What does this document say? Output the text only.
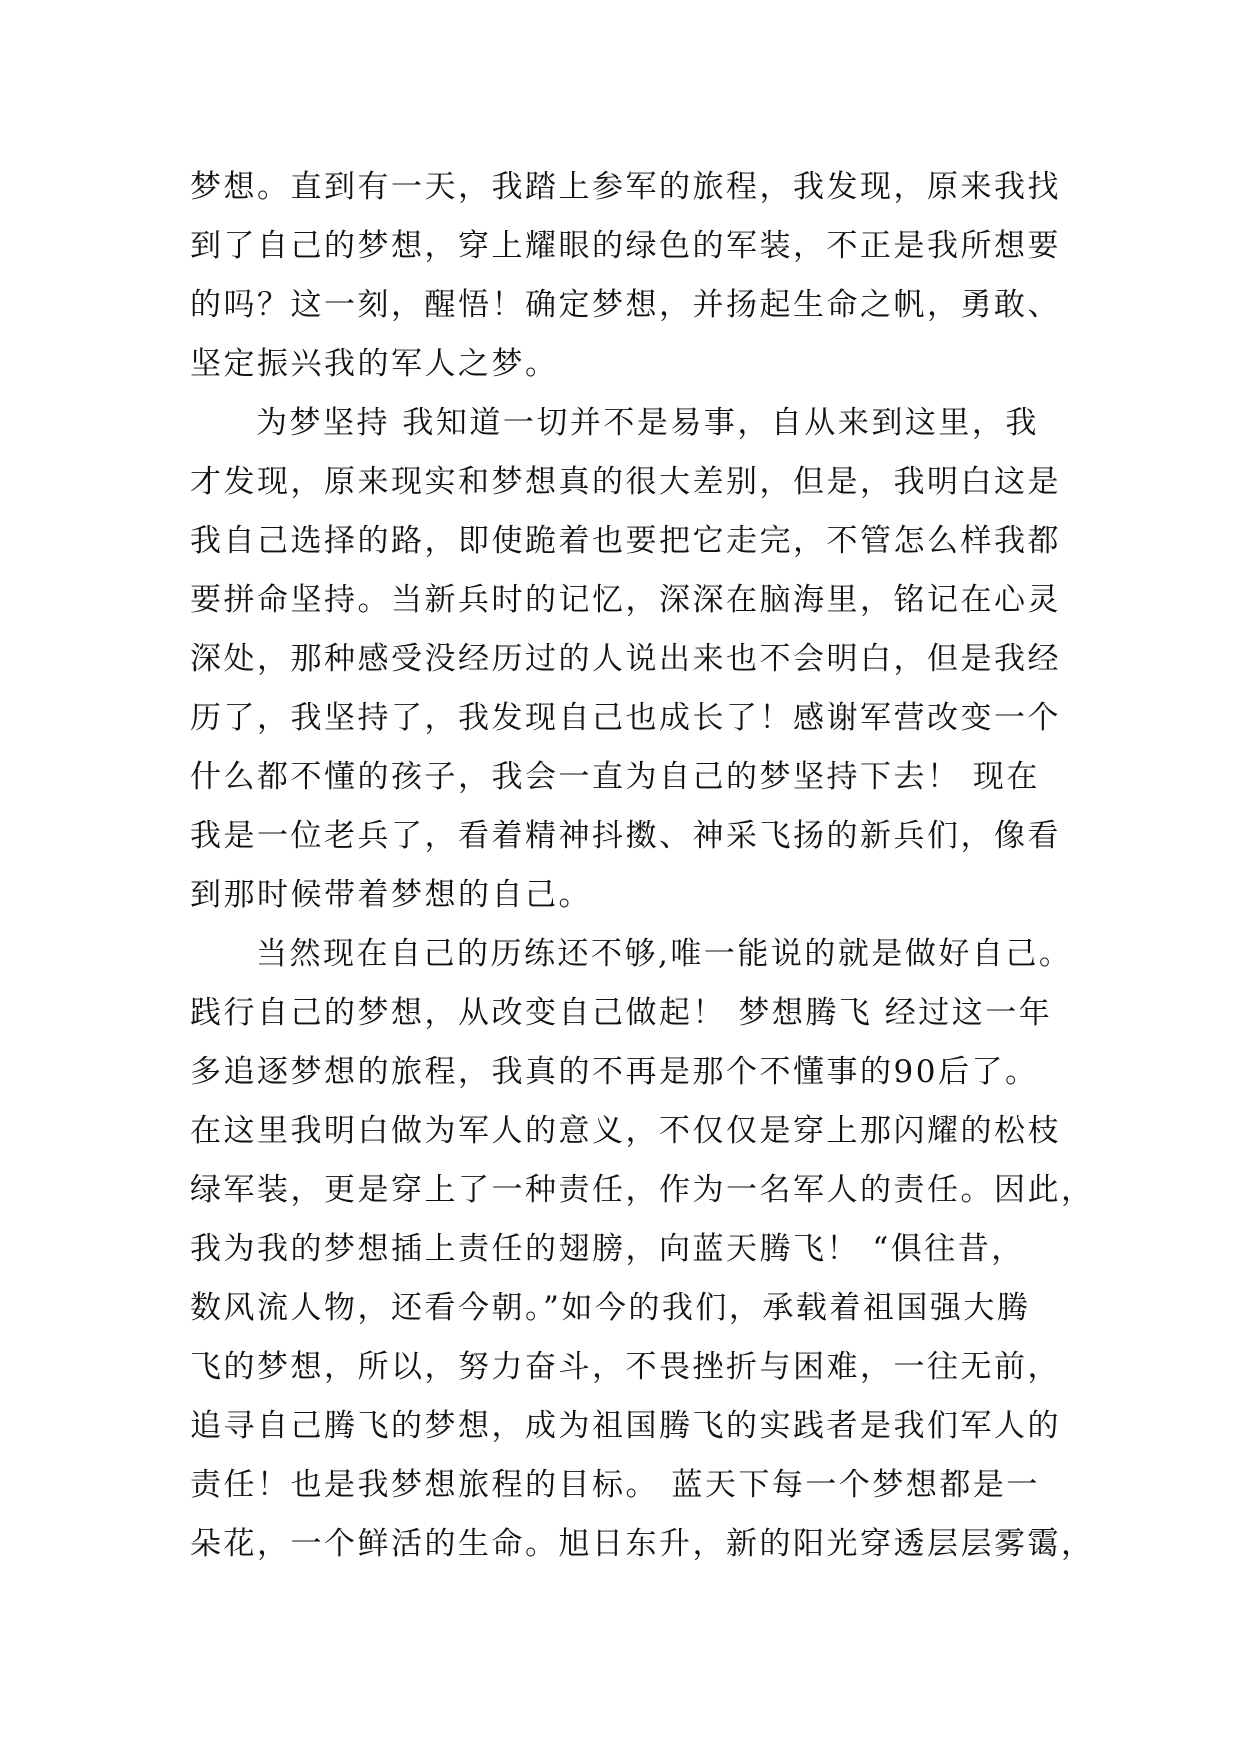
梦想。直到有一天，我踏上参军的旅程，我发现，原来我找
到了自己的梦想，穿上耀眼的绿色的军装，不正是我所想要
的吗？这一刻，醒悟！确定梦想，并扬起生命之帆，勇敢、
坚定振兴我的军人之梦。
为梦坚持 我知道一切并不是易事，自从来到这里，我
才发现，原来现实和梦想真的很大差别，但是，我明白这是
我自己选择的路，即使跪着也要把它走完，不管怎么样我都
要拼命坚持。当新兵时的记忆，深深在脑海里，铭记在心灵
深处，那种感受没经历过的人说出来也不会明白，但是我经
历了，我坚持了，我发现自己也成长了！感谢军营改变一个
什么都不懂的孩子，我会一直为自己的梦坚持下去！ 现在
我是一位老兵了，看着精神抖擞、神采飞扬的新兵们，像看
到那时候带着梦想的自己。
当然现在自己的历练还不够,唯一能说的就是做好自己。
践行自己的梦想，从改变自己做起！ 梦想腾飞 经过这一年
多追逐梦想的旅程，我真的不再是那个不懂事的90后了。
在这里我明白做为军人的意义，不仅仅是穿上那闪耀的松枝
绿军装，更是穿上了一种责任，作为一名军人的责任。因此，
我为我的梦想插上责任的翅膀，向蓝天腾飞！ “俱往昔，
数风流人物，还看今朝。”如今的我们，承载着祖国强大腾
飞的梦想，所以，努力奋斗，不畏挫折与困难，一往无前，
追寻自己腾飞的梦想，成为祖国腾飞的实践者是我们军人的
责任！也是我梦想旅程的目标。 蓝天下每一个梦想都是一
朵花，一个鲜活的生命。旭日东升，新的阳光穿透层层雾霭，
